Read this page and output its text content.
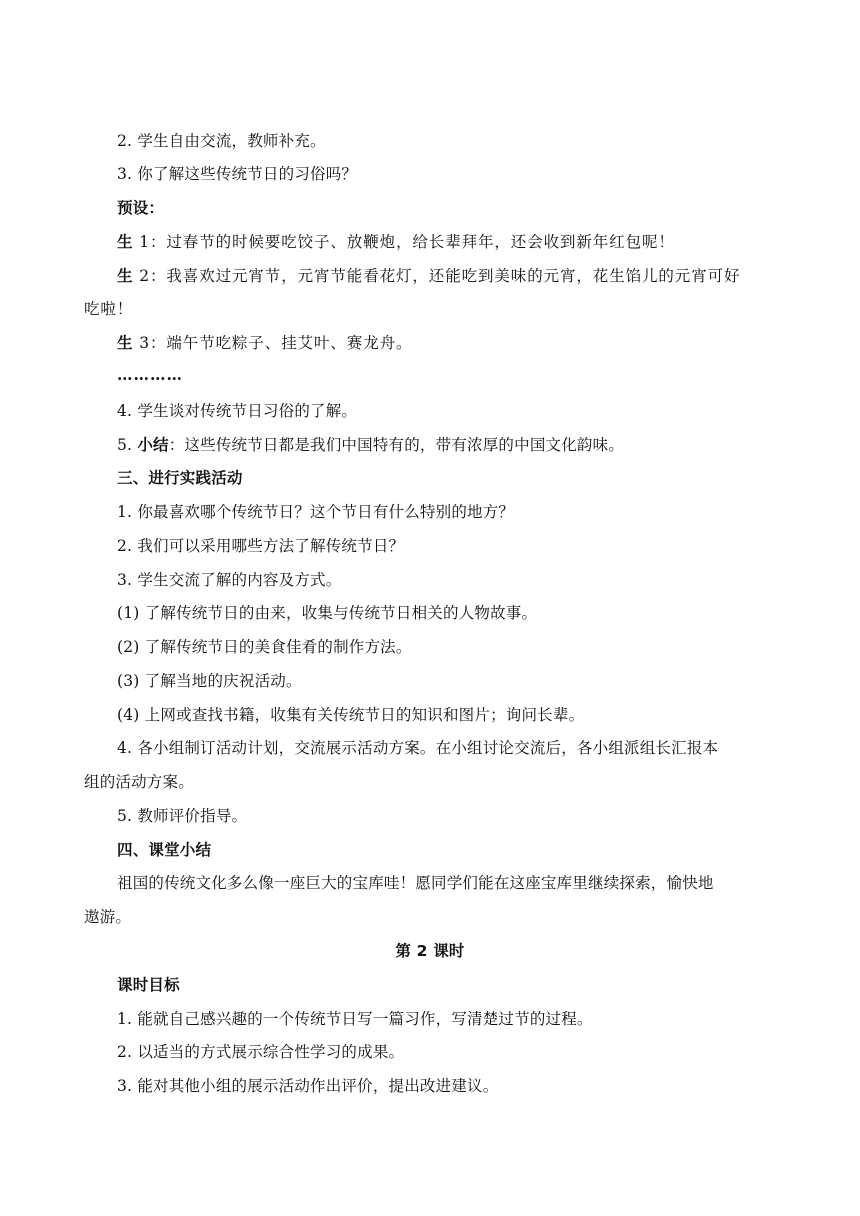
2. 学生自由交流，教师补充。
3. 你了解这些传统节日的习俗吗？
预设：
生 1：过春节的时候要吃饺子、放鞭炮，给长辈拜年，还会收到新年红包呢！
生 2：我喜欢过元宵节，元宵节能看花灯，还能吃到美味的元宵，花生馅儿的元宵可好
吃啦！
生 3：端午节吃粽子、挂艾叶、赛龙舟。
…………
4. 学生谈对传统节日习俗的了解。
5. 小结：这些传统节日都是我们中国特有的，带有浓厚的中国文化韵味。
三、进行实践活动
1. 你最喜欢哪个传统节日？这个节日有什么特别的地方？
2. 我们可以采用哪些方法了解传统节日？
3. 学生交流了解的内容及方式。
(1) 了解传统节日的由来，收集与传统节日相关的人物故事。
(2) 了解传统节日的美食佳肴的制作方法。
(3) 了解当地的庆祝活动。
(4) 上网或查找书籍，收集有关传统节日的知识和图片；询问长辈。
4. 各小组制订活动计划，交流展示活动方案。在小组讨论交流后，各小组派组长汇报本
组的活动方案。
5. 教师评价指导。
四、课堂小结
祖国的传统文化多么像一座巨大的宝库哇！愿同学们能在这座宝库里继续探索，愉快地
遨游。
第 2 课时
课时目标
1. 能就自己感兴趣的一个传统节日写一篇习作，写清楚过节的过程。
2. 以适当的方式展示综合性学习的成果。
3. 能对其他小组的展示活动作出评价，提出改进建议。
